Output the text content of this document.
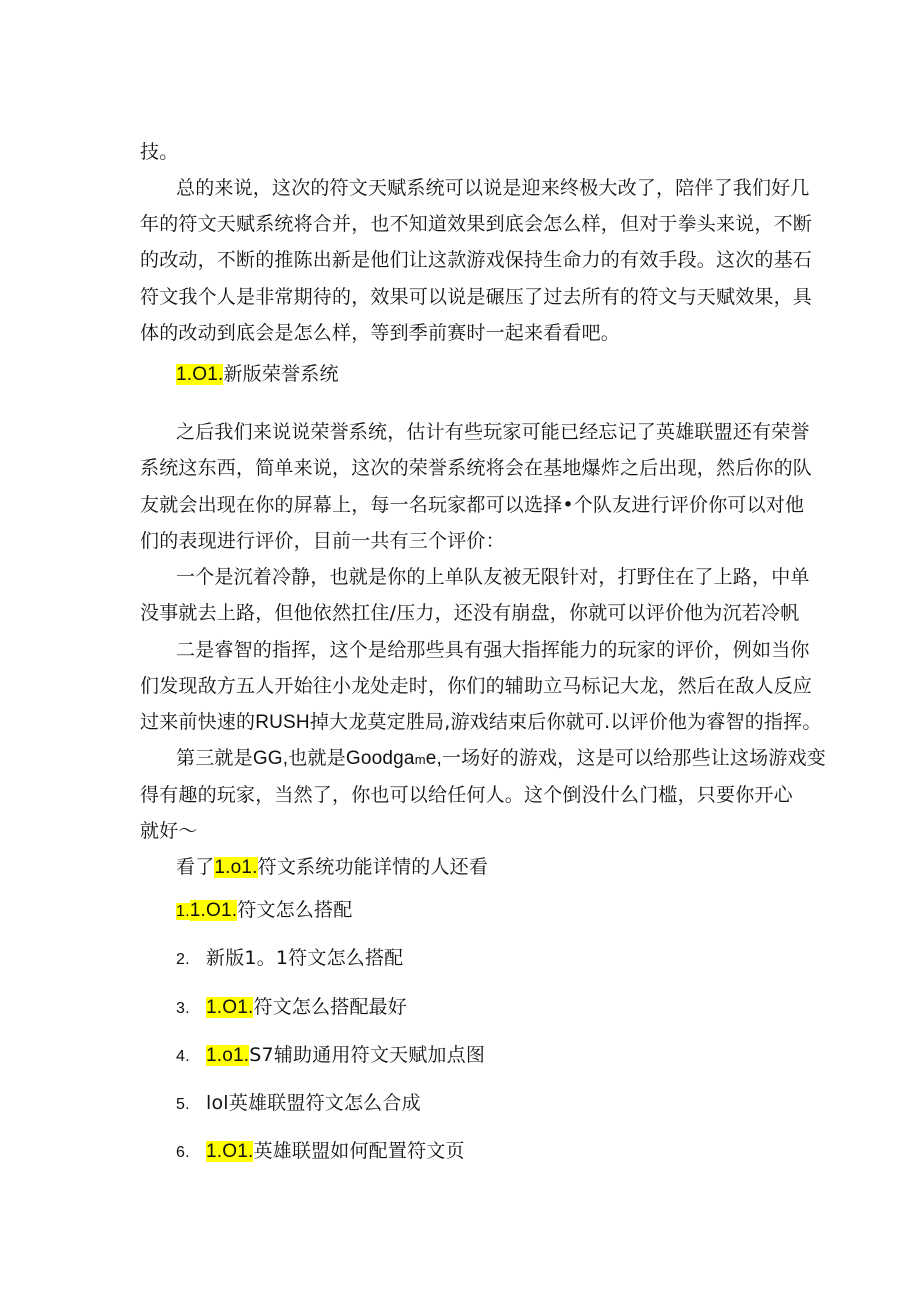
技。
总的来说，这次的符文天赋系统可以说是迎来终极大改了，陪伴了我们好几
年的符文天赋系统将合并，也不知道效果到底会怎么样，但对于拳头来说，不断
的改动，不断的推陈出新是他们让这款游戏保持生命力的有效手段。这次的基石
符文我个人是非常期待的，效果可以说是碾压了过去所有的符文与天赋效果，具
体的改动到底会是怎么样，等到季前赛时一起来看看吧。
1.O1.新版荣誉系统
之后我们来说说荣誉系统，估计有些玩家可能已经忘记了英雄联盟还有荣誉
系统这东西，简单来说，这次的荣誉系统将会在基地爆炸之后出现，然后你的队
友就会出现在你的屏幕上，每一名玩家都可以选择•个队友进行评价你可以对他
们的表现进行评价，目前一共有三个评价：
一个是沉着冷静，也就是你的上单队友被无限针对，打野住在了上路，中单
没事就去上路，但他依然扛住/压力，还没有崩盘，你就可以评价他为沉若冷帆
二是睿智的指挥，这个是给那些具有强大指挥能力的玩家的评价，例如当你
们发现敌方五人开始往小龙处走时，你们的辅助立马标记大龙，然后在敌人反应
过来前快速的RUSH掉大龙莫定胜局,游戏结束后你就可.以评价他为睿智的指挥。
第三就是GG,也就是Goodgame,一场好的游戏，这是可以给那些让这场游戏变
得有趣的玩家，当然了，你也可以给任何人。这个倒没什么门槛，只要你开心
就好～
看了1.o1.符文系统功能详情的人还看
1.1.O1.符文怎么搭配
2. 新版1。1符文怎么搭配
3. 1.O1.符文怎么搭配最好
4. 1.o1.S7辅助通用符文天赋加点图
5. lol英雄联盟符文怎么合成
6. 1.O1.英雄联盟如何配置符文页
